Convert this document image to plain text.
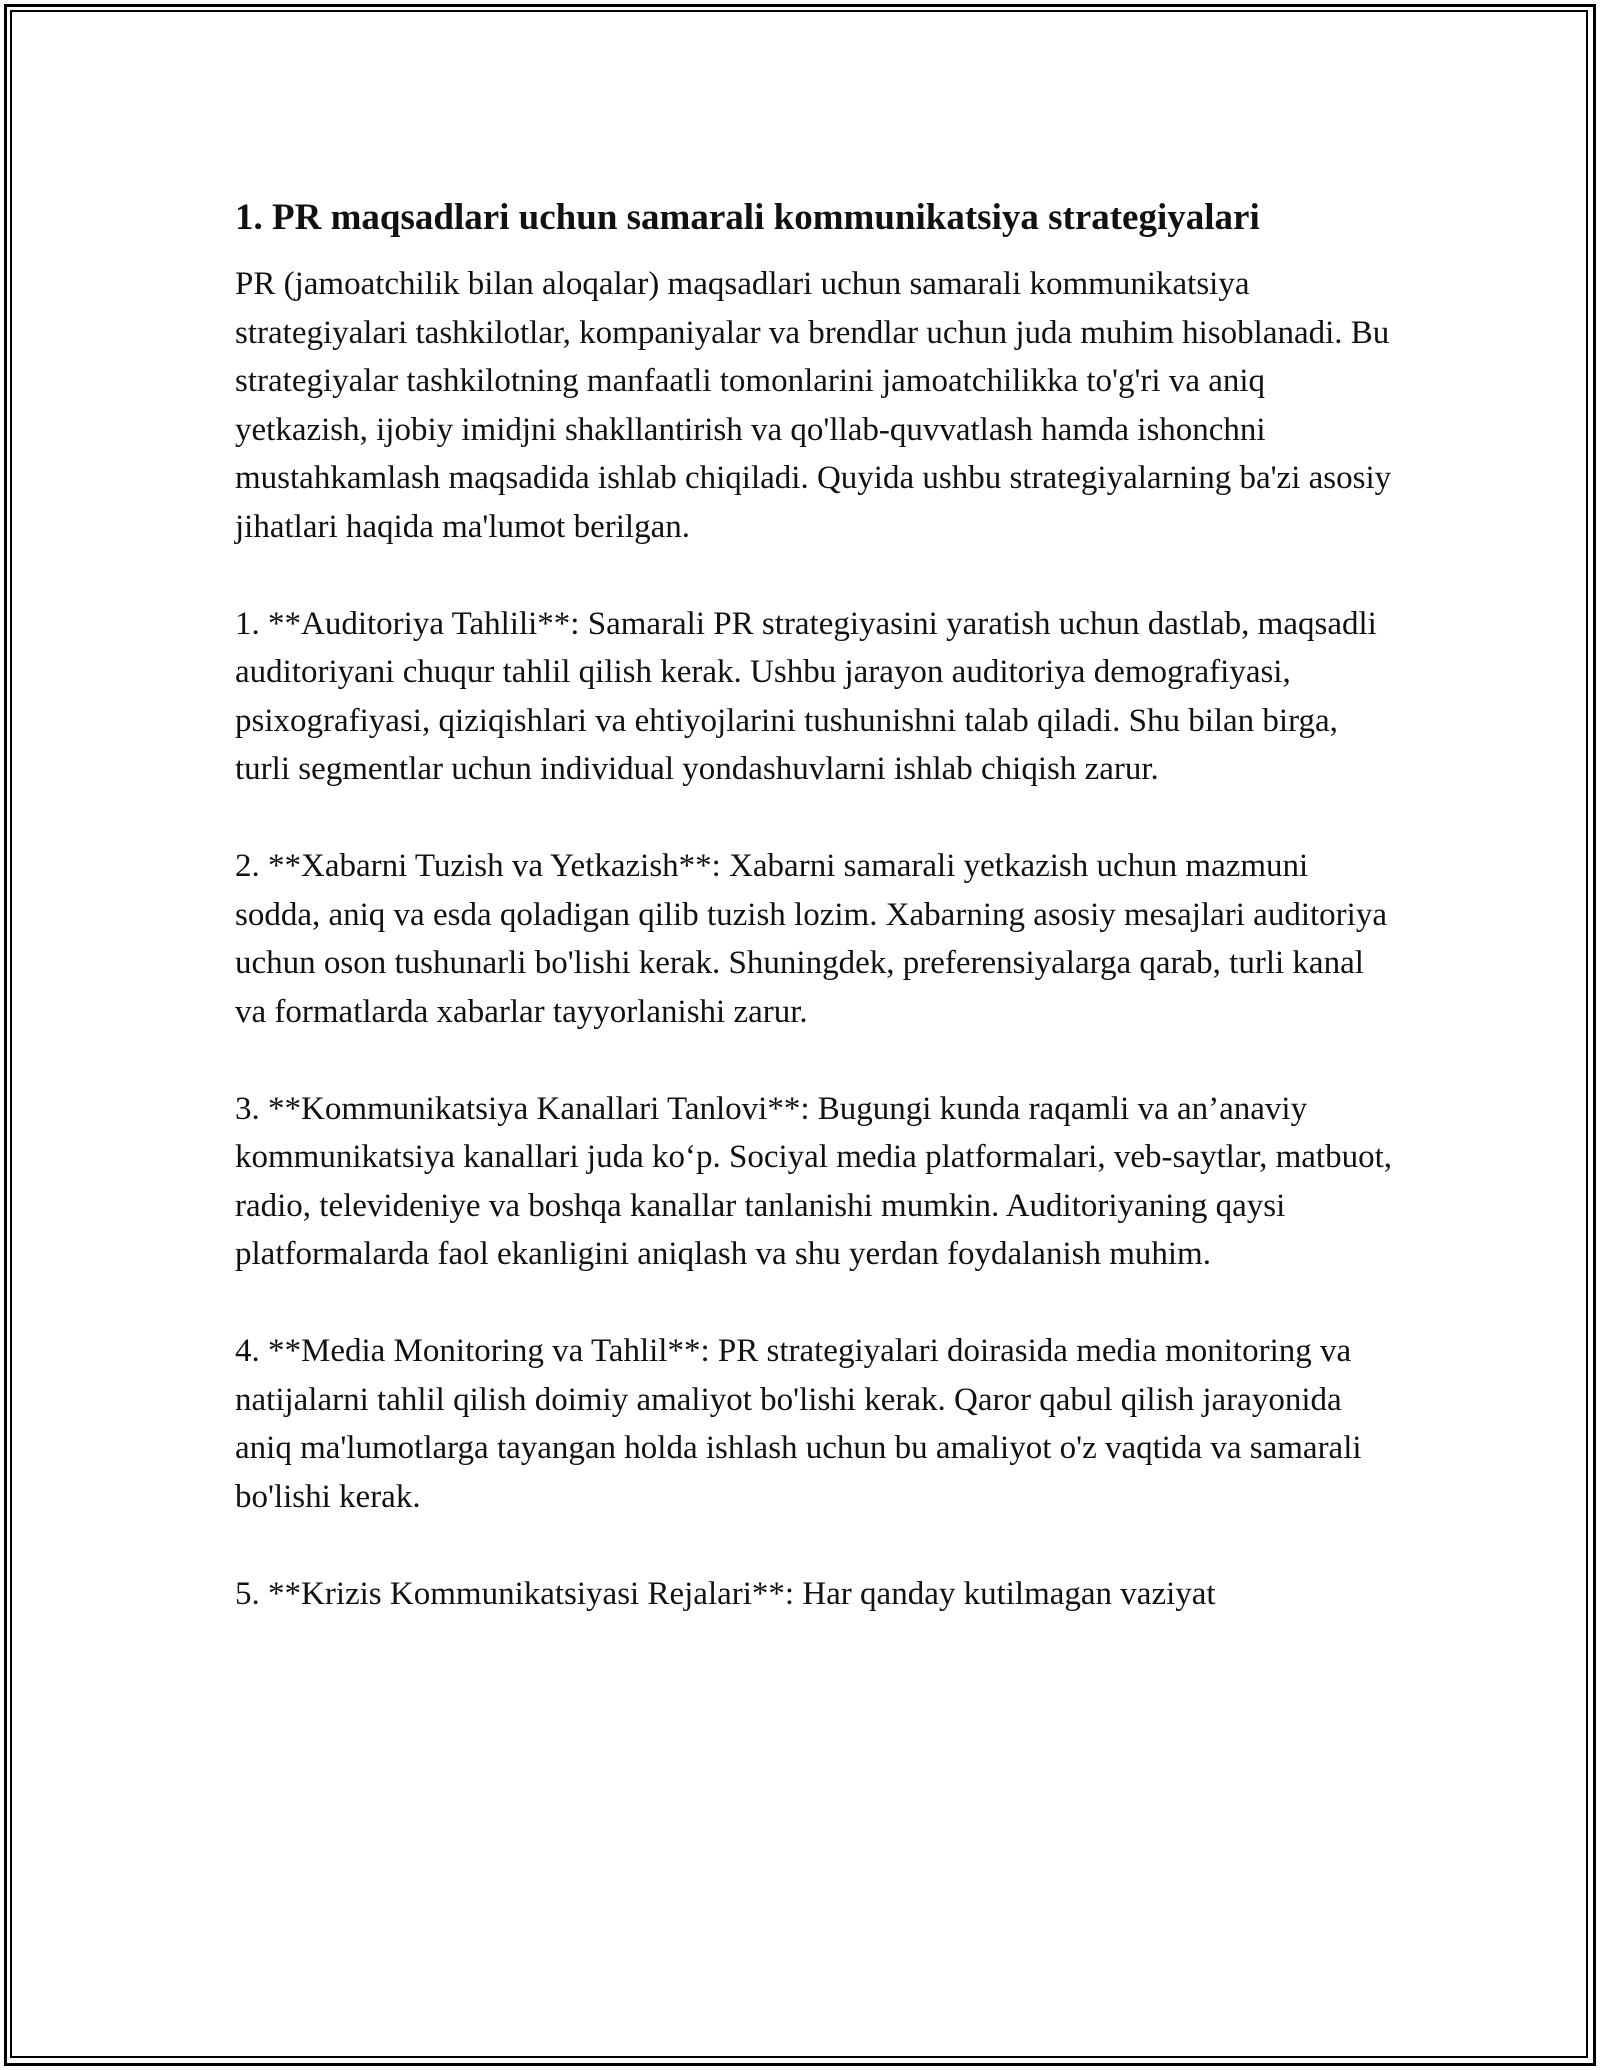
1. PR maqsadlari uchun samarali kommunikatsiya strategiyalari

PR (jamoatchilik bilan aloqalar) maqsadlari uchun samarali kommunikatsiya strategiyalari tashkilotlar, kompaniyalar va brendlar uchun juda muhim hisoblanadi. Bu strategiyalar tashkilotning manfaatli tomonlarini jamoatchilikka to'g'ri va aniq yetkazish, ijobiy imidjni shakllantirish va qo'llab-quvvatlash hamda ishonchni mustahkamlash maqsadida ishlab chiqiladi. Quyida ushbu strategiyalarning ba'zi asosiy jihatlari haqida ma'lumot berilgan.

1. **Auditoriya Tahlili**: Samarali PR strategiyasini yaratish uchun dastlab, maqsadli auditoriyani chuqur tahlil qilish kerak. Ushbu jarayon auditoriya demografiyasi, psixografiyasi, qiziqishlari va ehtiyojlarini tushunishni talab qiladi. Shu bilan birga, turli segmentlar uchun individual yondashuvlarni ishlab chiqish zarur.

2. **Xabarni Tuzish va Yetkazish**: Xabarni samarali yetkazish uchun mazmuni sodda, aniq va esda qoladigan qilib tuzish lozim. Xabarning asosiy mesajlari auditoriya uchun oson tushunarli bo'lishi kerak. Shuningdek, preferensiyalarga qarab, turli kanal va formatlarda xabarlar tayyorlanishi zarur.

3. **Kommunikatsiya Kanallari Tanlovi**: Bugungi kunda raqamli va an’anaviy kommunikatsiya kanallari juda ko‘p. Sociyal media platformalari, veb-saytlar, matbuot, radio, televideniye va boshqa kanallar tanlanishi mumkin. Auditoriyaning qaysi platformalarda faol ekanligini aniqlash va shu yerdan foydalanish muhim.

4. **Media Monitoring va Tahlil**: PR strategiyalari doirasida media monitoring va natijalarni tahlil qilish doimiy amaliyot bo'lishi kerak. Qaror qabul qilish jarayonida aniq ma'lumotlarga tayangan holda ishlash uchun bu amaliyot o'z vaqtida va samarali bo'lishi kerak.

5. **Krizis Kommunikatsiyasi Rejalari**: Har qanday kutilmagan vaziyat
